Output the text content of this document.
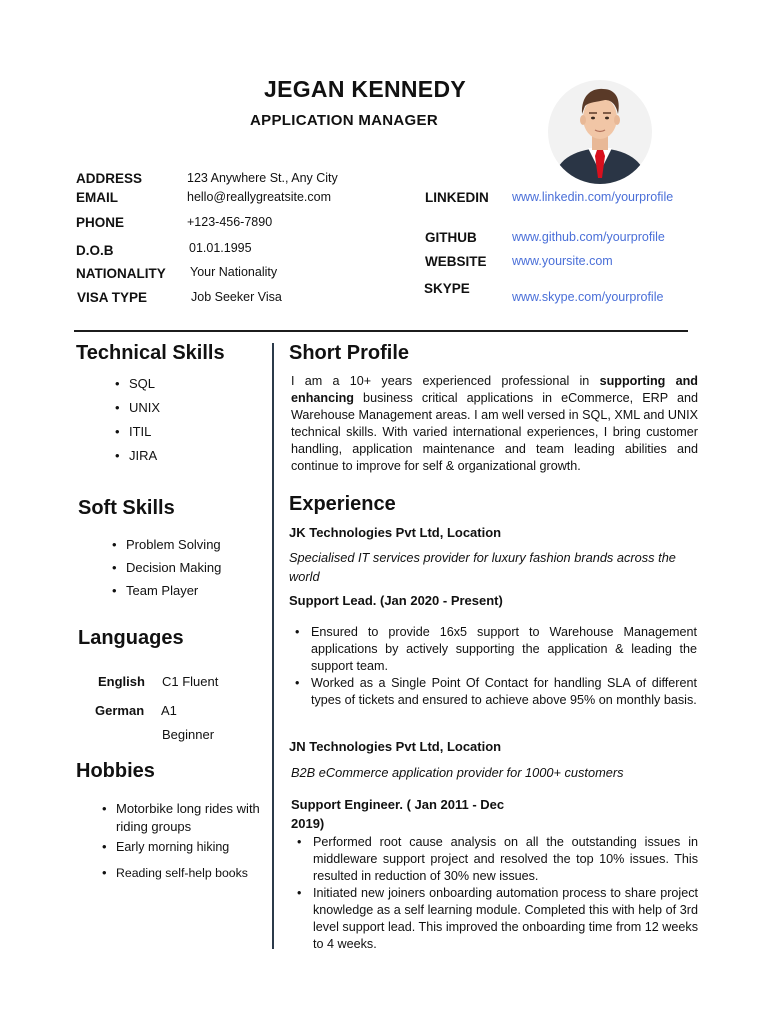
JEGAN KENNEDY
APPLICATION MANAGER
ADDRESS	123 Anywhere St., Any City
EMAIL	hello@reallygreatsite.com
PHONE	+123-456-7890
D.O.B	01.01.1995
NATIONALITY Your Nationality
VISA TYPE	Job Seeker Visa
LINKEDIN www.linkedin.com/yourprofile
GITHUB	www.github.com/yourprofile
WEBSITE www.yoursite.com
SKYPE
www.skype.com/yourprofile
Technical Skills
• SQL
• UNIX
• ITIL
• JIRA
Soft Skills
• Problem Solving
• Decision Making
• Team Player
Languages
English C1 Fluent
German A1
Beginner
Hobbies
• Motorbike long rides with riding groups
• Early morning hiking
• Reading self-help books
Short Profile
I am a 10+ years experienced professional in supporting and enhancing business critical applications in eCommerce, ERP and Warehouse Management areas. I am well versed in SQL, XML and UNIX technical skills. With varied international experiences, I bring customer handling, application maintenance and team leading abilities and continue to improve for self & organizational growth.
Experience
JK Technologies Pvt Ltd, Location
Specialised IT services provider for luxury fashion brands across the world
Support Lead. (Jan 2020 - Present)
• Ensured to provide 16x5 support to Warehouse Management applications by actively supporting the application & leading the support team.
• Worked as a Single Point Of Contact for handling SLA of different types of tickets and ensured to achieve above 95% on monthly basis.
JN Technologies Pvt Ltd, Location
B2B eCommerce application provider for 1000+ customers
Support Engineer. ( Jan 2011 - Dec 2019)
• Performed root cause analysis on all the outstanding issues in middleware support project and resolved the top 10% issues. This resulted in reduction of 30% new issues.
• Initiated new joiners onboarding automation process to share project knowledge as a self learning module. Completed this with help of 3rd level support lead. This improved the onboarding time from 12 weeks to 4 weeks.
